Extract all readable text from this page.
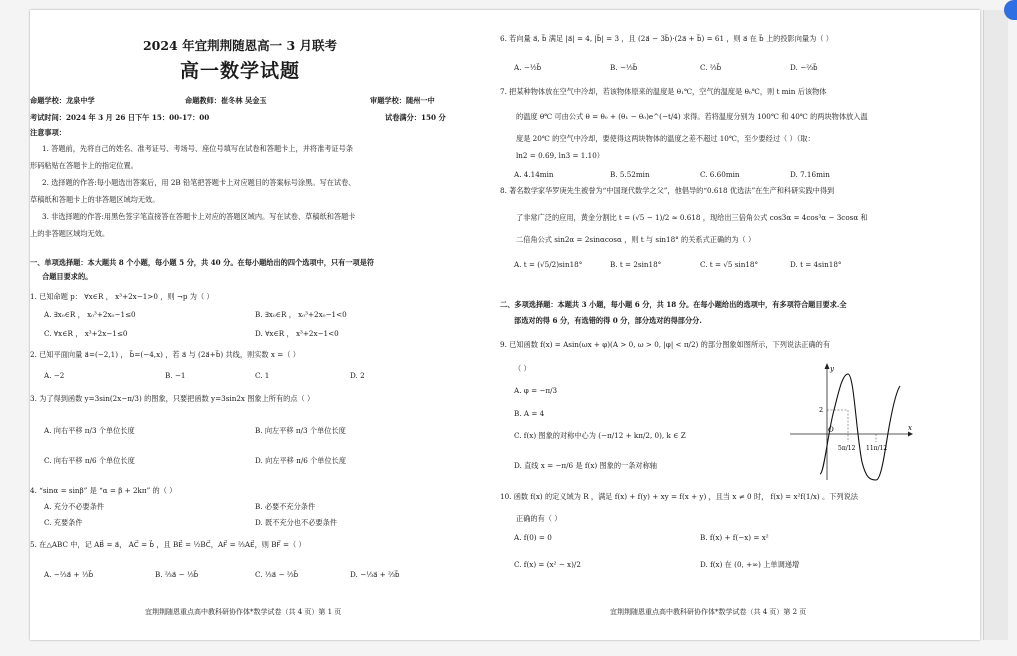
2024 年宜荆荆随恩高一 3 月联考
高一数学试题
命题学校：龙泉中学	命题教师：崔冬林 吴金玉	审题学校：随州一中
考试时间：2024 年 3 月 26 日下午 15：00-17：00	试卷满分：150 分
注意事项：
1. 答题前，先将自己的姓名、准考证号、考场号、座位号填写在试卷和答题卡上，并将准考证号条
形码粘贴在答题卡上的指定位置。
2. 选择题的作答:每小题选出答案后，用 2B 铅笔把答题卡上对应题目的答案标号涂黑。写在试卷、
草稿纸和答题卡上的非答题区域均无效。
3. 非选择题的作答:用黑色签字笔直接答在答题卡上对应的答题区域内。写在试卷、草稿纸和答题卡
上的非答题区域均无效。
一、单项选择题：本大题共 8 个小题，每小题 5 分，共 40 分。在每小题给出的四个选项中，只有一项是符
合题目要求的。
1. 已知命题 p： ∀x∈R ， x³+2x−1>0 ，则 ¬p 为（ ）
A. ∃x₀∈R ， x₀³+2x₀−1≤0	B. ∃x₀∈R ， x₀³+2x₀−1<0
C. ∀x∈R ， x³+2x−1≤0	D. ∀x∈R ， x³+2x−1<0
2. 已知平面向量 a⃗=(−2,1) ， b⃗=(−4,x) ，若 a⃗ 与 (2a⃗+b⃗) 共线，则实数 x =（ ）
A. −2	B. −1	C. 1	D. 2
3. 为了得到函数 y=3sin(2x−π/3) 的图象，只要把函数 y=3sin2x 图象上所有的点（ ）
A. 向右平移 π/3 个单位长度	B. 向左平移 π/3 个单位长度
C. 向右平移 π/6 个单位长度	D. 向左平移 π/6 个单位长度
4. “sinα = sinβ” 是 “α = β + 2kπ” 的（ ）
A. 充分不必要条件	B. 必要不充分条件
C. 充要条件	D. 既不充分也不必要条件
5. 在△ABC 中，记 AB⃗ = a⃗， AC⃗ = b⃗ ，且 BE⃗ = ½BC⃗，AF⃗ = ⅔AE⃗，则 BF⃗ =（ ）
A. −⅔a⃗ + ⅓b⃗	B. ⅔a⃗ − ⅓b⃗	C. ⅓a⃗ − ⅔b⃗	D. −⅓a⃗ + ⅔b⃗
宜荆荆随恩重点高中教科研协作体*数学试卷（共 4 页）第 1 页
6. 若向量 a⃗, b⃗ 满足 |a⃗| = 4, |b⃗| = 3 ，且 (2a⃗ − 3b⃗)·(2a⃗ + b⃗) = 61 ，则 a⃗ 在 b⃗ 上的投影向量为（ ）
A. −½b⃗	B. −⅓b⃗	C. ⅔b⃗	D. −⅔b⃗
7. 把某种物体放在空气中冷却，若该物体原来的温度是 θ₁℃，空气的温度是 θ₀℃，则 t min 后该物体
的温度 θ℃ 可由公式 θ = θ₀ + (θ₁ − θ₀)e^(−t/4) 求得。若将温度分别为 100℃ 和 40℃ 的两块物体放入温
度是 20℃ 的空气中冷却，要使得这两块物体的温度之差不超过 10℃，至少要经过（ ）（取：
ln2 = 0.69, ln3 = 1.10）
A. 4.14min	B. 5.52min	C. 6.60min	D. 7.16min
8. 著名数学家华罗庚先生被誉为“中国现代数学之父”，他倡导的“0.618 优选法”在生产和科研实践中得到
了非常广泛的应用，黄金分割比 t = (√5 − 1)/2 ≈ 0.618 ，现给出三倍角公式 cos3α = 4cos³α − 3cosα 和
二倍角公式 sin2α = 2sinαcosα ，则 t 与 sin18° 的关系式正确的为（ ）
A. t = (√5/2)sin18°	B. t = 2sin18°	C. t = √5 sin18°	D. t = 4sin18°
二、多项选择题：本题共 3 小题，每小题 6 分，共 18 分。在每小题给出的选项中，有多项符合题目要求.全
部选对的得 6 分，有选错的得 0 分，部分选对的得部分分.
9. 已知函数 f(x) = Asin(ωx + φ)(A > 0, ω > 0, |φ| < π/2) 的部分图象如图所示，下列说法正确的有
（ ）
A. φ = −π/3
B. A = 4
C. f(x) 图象的对称中心为 (−π/12 + kπ/2, 0), k ∈ Z
D. 直线 x = −π/6 是 f(x) 图象的一条对称轴
y
x
O
2
5π/12 11π/12
10. 函数 f(x) 的定义域为 R ，满足 f(x) + f(y) + xy = f(x + y) ，且当 x ≠ 0 时， f(x) = x²f(1/x) 。下列说法
正确的有（ ）
A. f(0) = 0	B. f(x) + f(−x) = x²
C. f(x) = (x² − x)/2	D. f(x) 在 (0, +∞) 上单调递增
宜荆荆随恩重点高中教科研协作体*数学试卷（共 4 页）第 2 页
